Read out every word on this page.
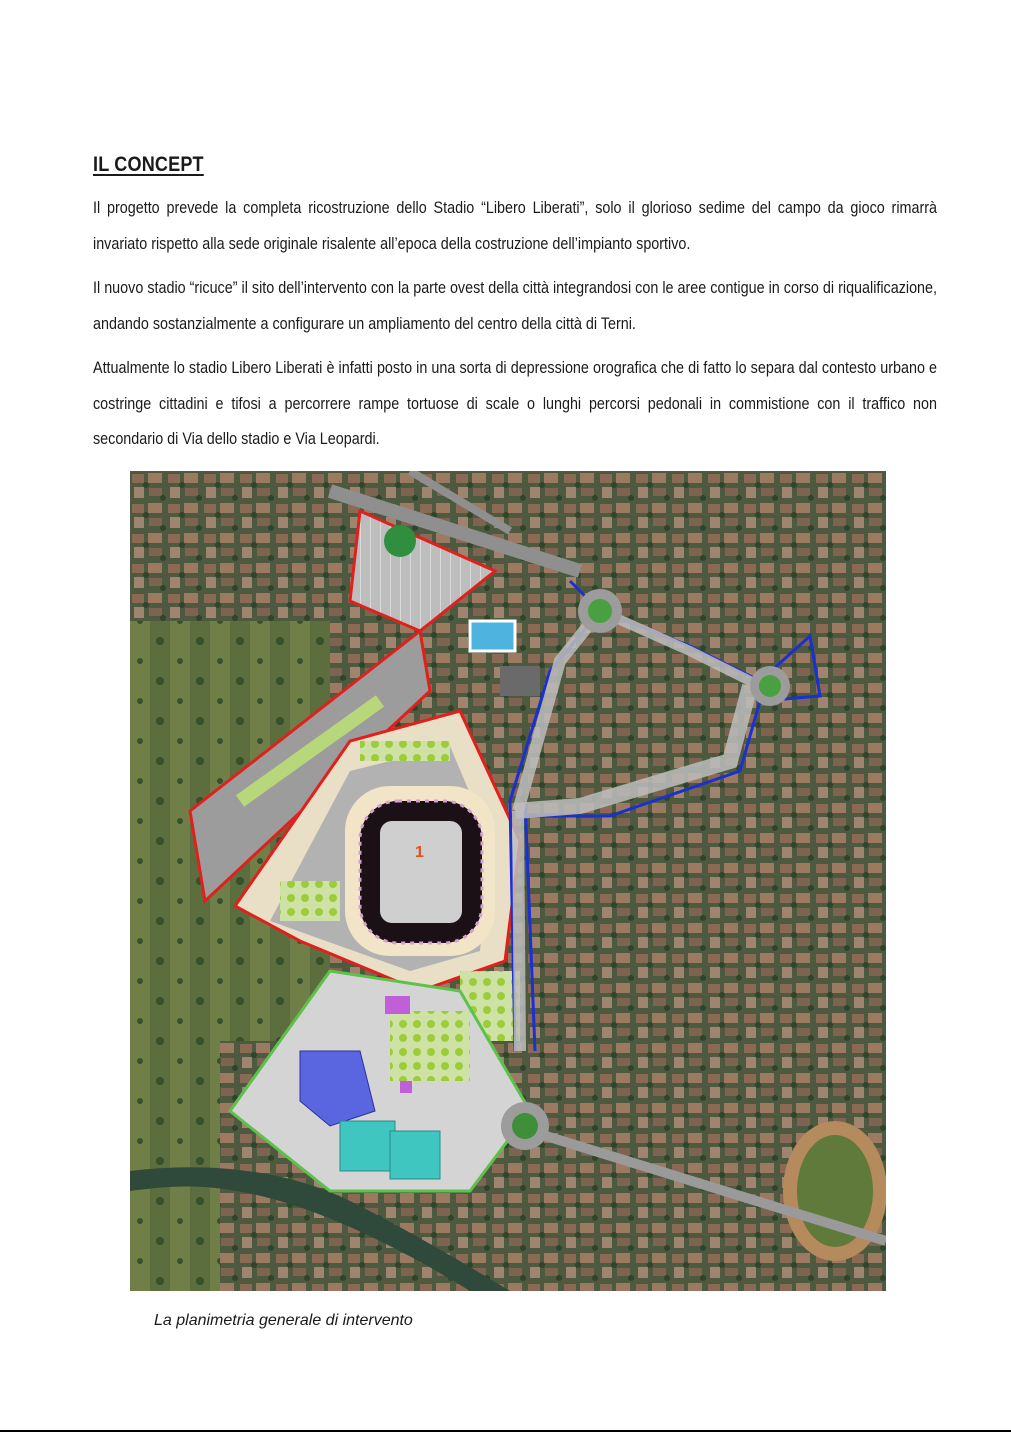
IL CONCEPT

Il progetto prevede la completa ricostruzione dello Stadio “Libero Liberati”, solo il glorioso sedime del campo da gioco rimarrà invariato rispetto alla sede originale risalente all’epoca della costruzione dell’impianto sportivo.

Il nuovo stadio “ricuce” il sito dell’intervento con la parte ovest della città integrandosi con le aree contigue in corso di riqualificazione, andando sostanzialmente a configurare un ampliamento del centro della città di Terni.

Attualmente lo stadio Libero Liberati è infatti posto in una sorta di depressione orografica che di fatto lo separa dal contesto urbano e costringe cittadini e tifosi a percorrere rampe tortuose di scale o lunghi percorsi pedonali in commistione con il traffico non secondario di Via dello stadio e Via Leopardi.

1
La planimetria generale di intervento
